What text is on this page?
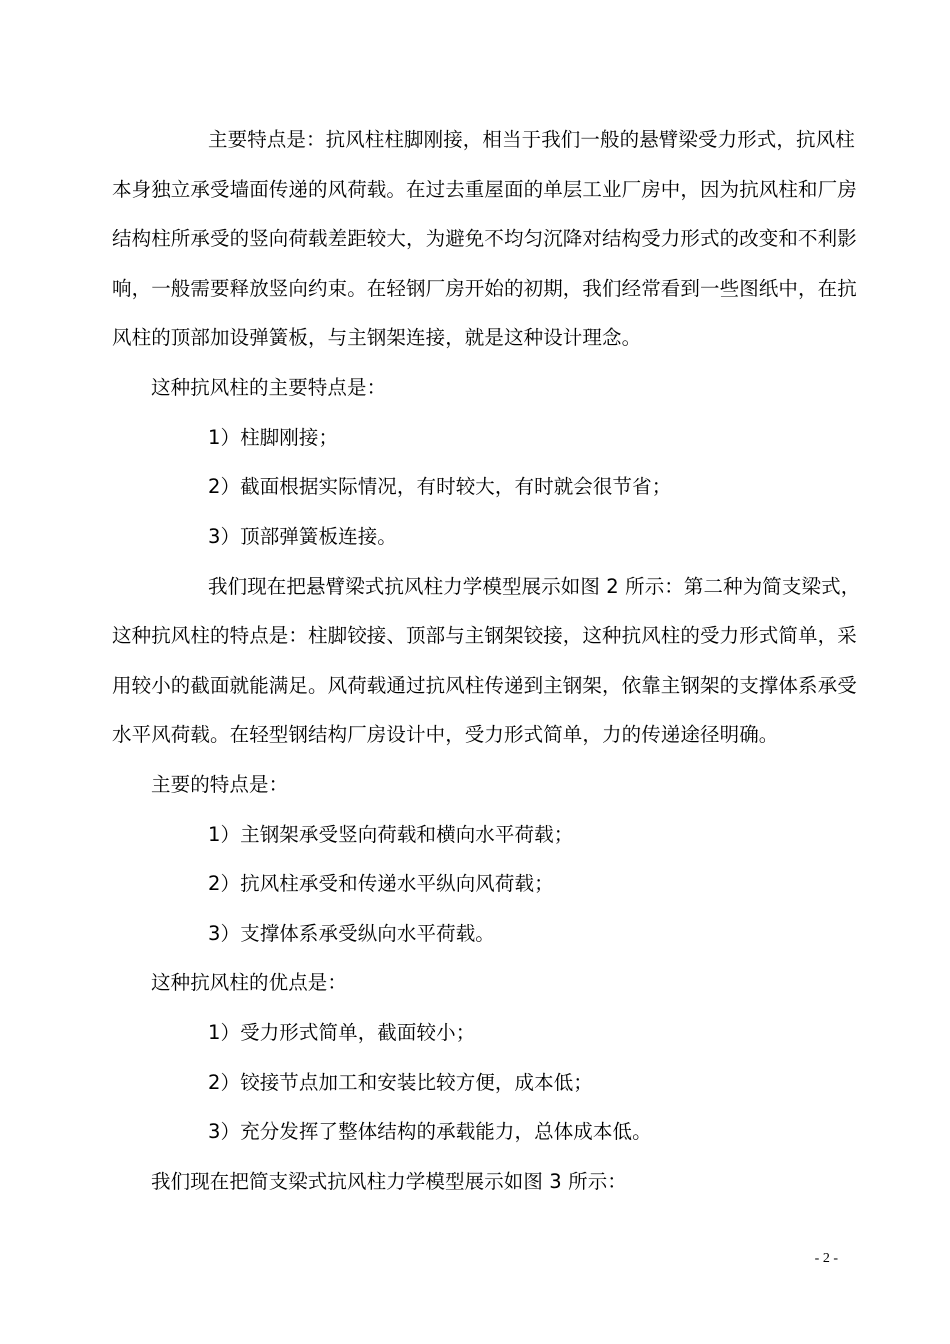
主要特点是：抗风柱柱脚刚接，相当于我们一般的悬臂梁受力形式，抗风柱
本身独立承受墙面传递的风荷载。在过去重屋面的单层工业厂房中，因为抗风柱和厂房
结构柱所承受的竖向荷载差距较大，为避免不均匀沉降对结构受力形式的改变和不利影
响，一般需要释放竖向约束。在轻钢厂房开始的初期，我们经常看到一些图纸中，在抗
风柱的顶部加设弹簧板，与主钢架连接，就是这种设计理念。
这种抗风柱的主要特点是：
1）柱脚刚接；
2）截面根据实际情况，有时较大，有时就会很节省；
3）顶部弹簧板连接。
我们现在把悬臂梁式抗风柱力学模型展示如图 2 所示：第二种为简支梁式，
这种抗风柱的特点是：柱脚铰接、顶部与主钢架铰接，这种抗风柱的受力形式简单，采
用较小的截面就能满足。风荷载通过抗风柱传递到主钢架，依靠主钢架的支撑体系承受
水平风荷载。在轻型钢结构厂房设计中，受力形式简单，力的传递途径明确。
主要的特点是：
1）主钢架承受竖向荷载和横向水平荷载；
2）抗风柱承受和传递水平纵向风荷载；
3）支撑体系承受纵向水平荷载。
这种抗风柱的优点是：
1）受力形式简单，截面较小；
2）铰接节点加工和安装比较方便，成本低；
3）充分发挥了整体结构的承载能力，总体成本低。
我们现在把简支梁式抗风柱力学模型展示如图 3 所示：
- 2 -
